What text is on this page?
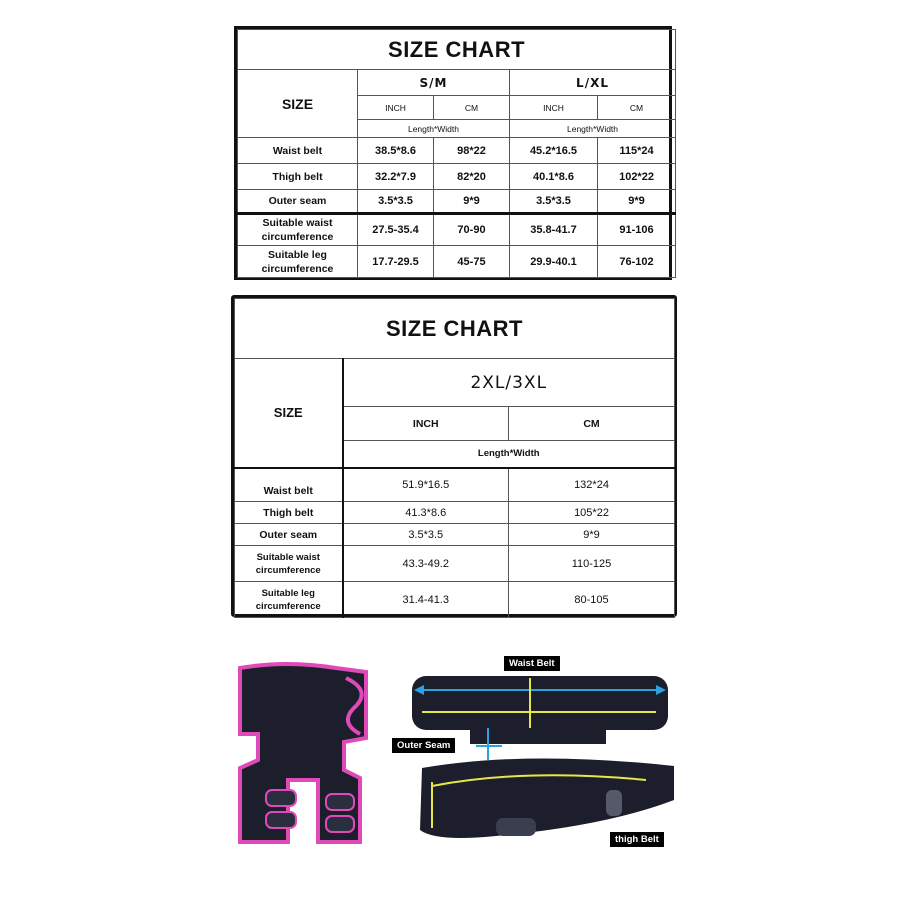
SIZE CHART				
SIZE	S/M		L/XL	
	INCH	CM	INCH	CM
	Length*Width		Length*Width	
Waist belt	38.5*8.6	98*22	45.2*16.5	115*24
Thigh belt	32.2*7.9	82*20	40.1*8.6	102*22
Outer seam	3.5*3.5	9*9	3.5*3.5	9*9

Suitable waist
circumference	27.5-35.4	70-90	35.8-41.7	91-106

Suitable leg
circumference	17.7-29.5	45-75	29.9-40.1	76-102
SIZE CHART		
SIZE	2XL/3XL	
	INCH	CM
	Length*Width	
Waist belt	51.9*16.5	132*24
Thigh belt	41.3*8.6	105*22
Outer seam	3.5*3.5	9*9

Suitable waist
circumference	43.3-49.2	110-125

Suitable leg
circumference	31.4-41.3	80-105
Waist Belt
Outer Seam
thigh Belt
